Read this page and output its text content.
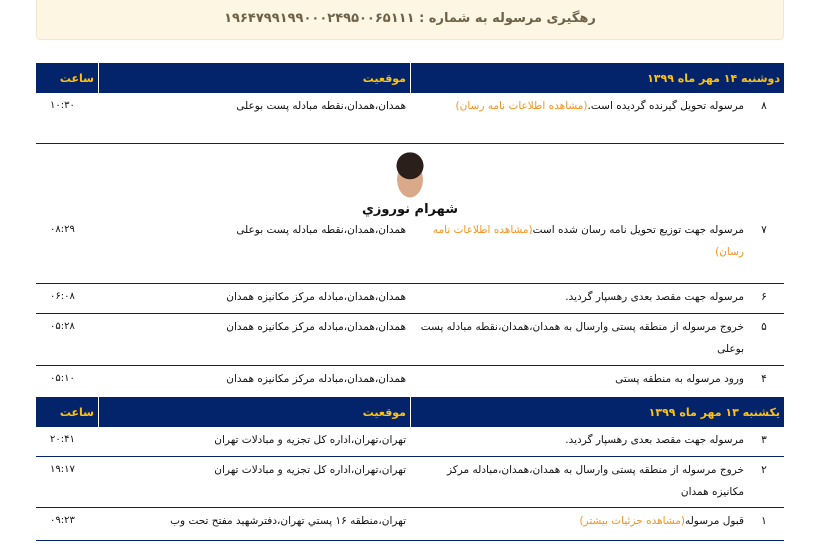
رهگیری مرسوله به شماره : ۱۹۶۴۷۹۹۱۹۹۰۰۰۲۴۹۵۰۰۶۵۱۱۱
دوشنبه ۱۴ مهر ماه ۱۳۹۹
موقعیت
ساعت
۸
مرسوله تحویل گیرنده گردیده است.(مشاهده اطلاعات نامه رسان)
همدان،همدان،نقطه مبادله پست بوعلی
۱۰:۳۰
شهرام نوروزي
۷
مرسوله جهت توزیع تحویل نامه رسان شده است(مشاهده اطلاعات نامه رسان)
همدان،همدان،نقطه مبادله پست بوعلی
۰۸:۲۹
۶
مرسوله جهت مقصد بعدی رهسپار گردید.
همدان،همدان،مبادله مرکز مکانیزه همدان
۰۶:۰۸
۵
خروج مرسوله از منطقه پستی وارسال به همدان،همدان،نقطه مبادله پست بوعلی
همدان،همدان،مبادله مرکز مکانیزه همدان
۰۵:۲۸
۴
ورود مرسوله به منطقه پستی
همدان،همدان،مبادله مرکز مکانیزه همدان
۰۵:۱۰
یکشنبه ۱۳ مهر ماه ۱۳۹۹
موقعیت
ساعت
۳
مرسوله جهت مقصد بعدی رهسپار گردید.
تهران،تهران،اداره کل تجزیه و مبادلات تهران
۲۰:۴۱
۲
خروج مرسوله از منطقه پستی وارسال به همدان،همدان،مبادله مرکز مکانیزه همدان
تهران،تهران،اداره کل تجزیه و مبادلات تهران
۱۹:۱۷
۱
قبول مرسوله(مشاهده جزئیات بیشتر)
تهران،منطقه ۱۶ پستي تهران،دفترشهید مفتح تحت وب
۰۹:۲۳
